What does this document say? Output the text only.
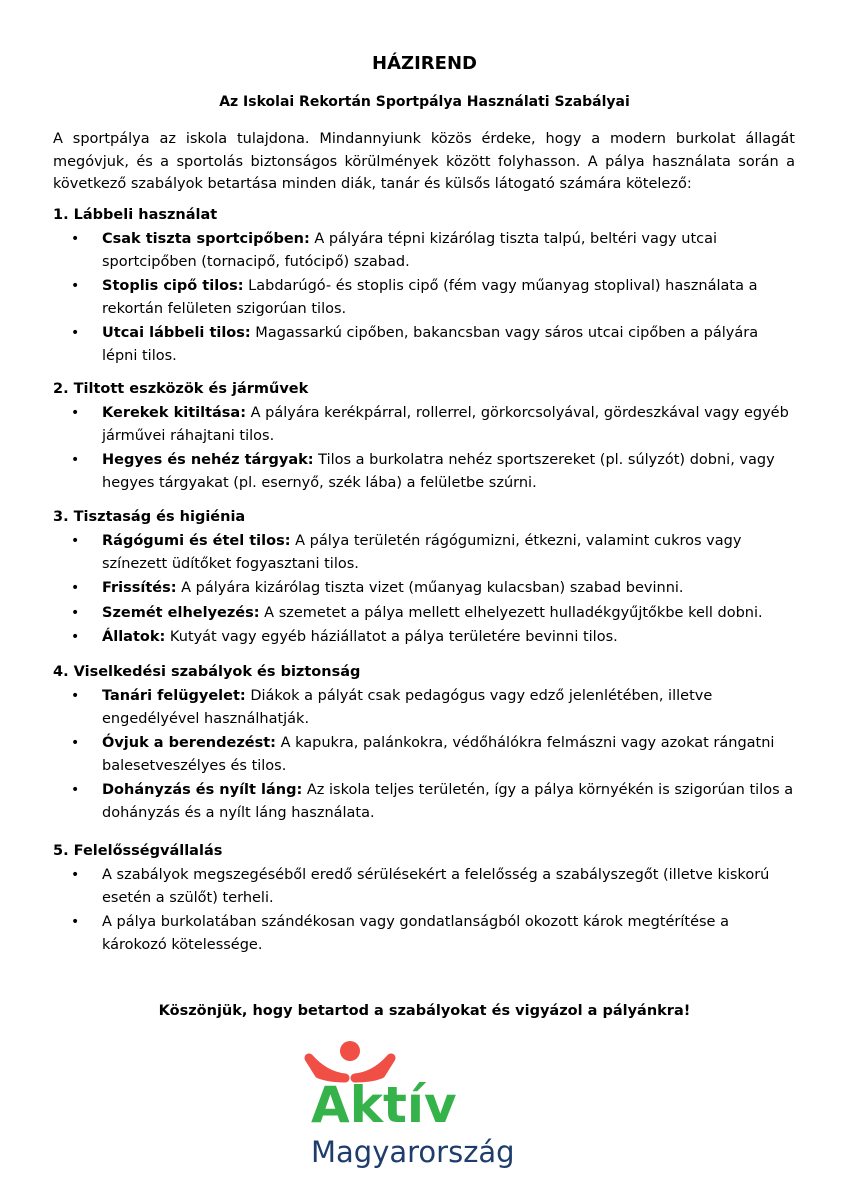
HÁZIREND
Az Iskolai Rekortán Sportpálya Használati Szabályai
A sportpálya az iskola tulajdona. Mindannyiunk közös érdeke, hogy a modern burkolat állagát megóvjuk, és a sportolás biztonságos körülmények között folyhasson. A pálya használata során a következő szabályok betartása minden diák, tanár és külsős látogató számára kötelező:
1. Lábbeli használat
• Csak tiszta sportcipőben: A pályára tépni kizárólag tiszta talpú, beltéri vagy utcai sportcipőben (tornacipő, futócipő) szabad.
• Stoplis cipő tilos: Labdarúgó- és stoplis cipő (fém vagy műanyag stoplival) használata a rekortán felületen szigorúan tilos.
• Utcai lábbeli tilos: Magassarkú cipőben, bakancsban vagy sáros utcai cipőben a pályára lépni tilos.
2. Tiltott eszközök és járművek
• Kerekek kitiltása: A pályára kerékpárral, rollerrel, görkorcsolyával, gördeszkával vagy egyéb járművei ráhajtani tilos.
• Hegyes és nehéz tárgyak: Tilos a burkolatra nehéz sportszereket (pl. súlyzót) dobni, vagy hegyes tárgyakat (pl. esernyő, szék lába) a felületbe szúrni.
3. Tisztaság és higiénia
• Rágógumi és étel tilos: A pálya területén rágógumizni, étkezni, valamint cukros vagy színezett üdítőket fogyasztani tilos.
• Frissítés: A pályára kizárólag tiszta vizet (műanyag kulacsban) szabad bevinni.
• Szemét elhelyezés: A szemetet a pálya mellett elhelyezett hulladékgyűjtőkbe kell dobni.
• Állatok: Kutyát vagy egyéb háziállatot a pálya területére bevinni tilos.
4. Viselkedési szabályok és biztonság
• Tanári felügyelet: Diákok a pályát csak pedagógus vagy edző jelenlétében, illetve engedélyével használhatják.
• Óvjuk a berendezést: A kapukra, palánkokra, védőhálókra felmászni vagy azokat rángatni balesetveszélyes és tilos.
• Dohányzás és nyílt láng: Az iskola teljes területén, így a pálya környékén is szigorúan tilos a dohányzás és a nyílt láng használata.
5. Felelősségvállalás
• A szabályok megszegéséből eredő sérülésekért a felelősség a szabályszegőt (illetve kiskorú esetén a szülőt) terheli.
• A pálya burkolatában szándékosan vagy gondatlanságból okozott károk megtérítése a károkozó kötelessége.
Köszönjük, hogy betartod a szabályokat és vigyázol a pályánkra!
Aktív
Magyarország
